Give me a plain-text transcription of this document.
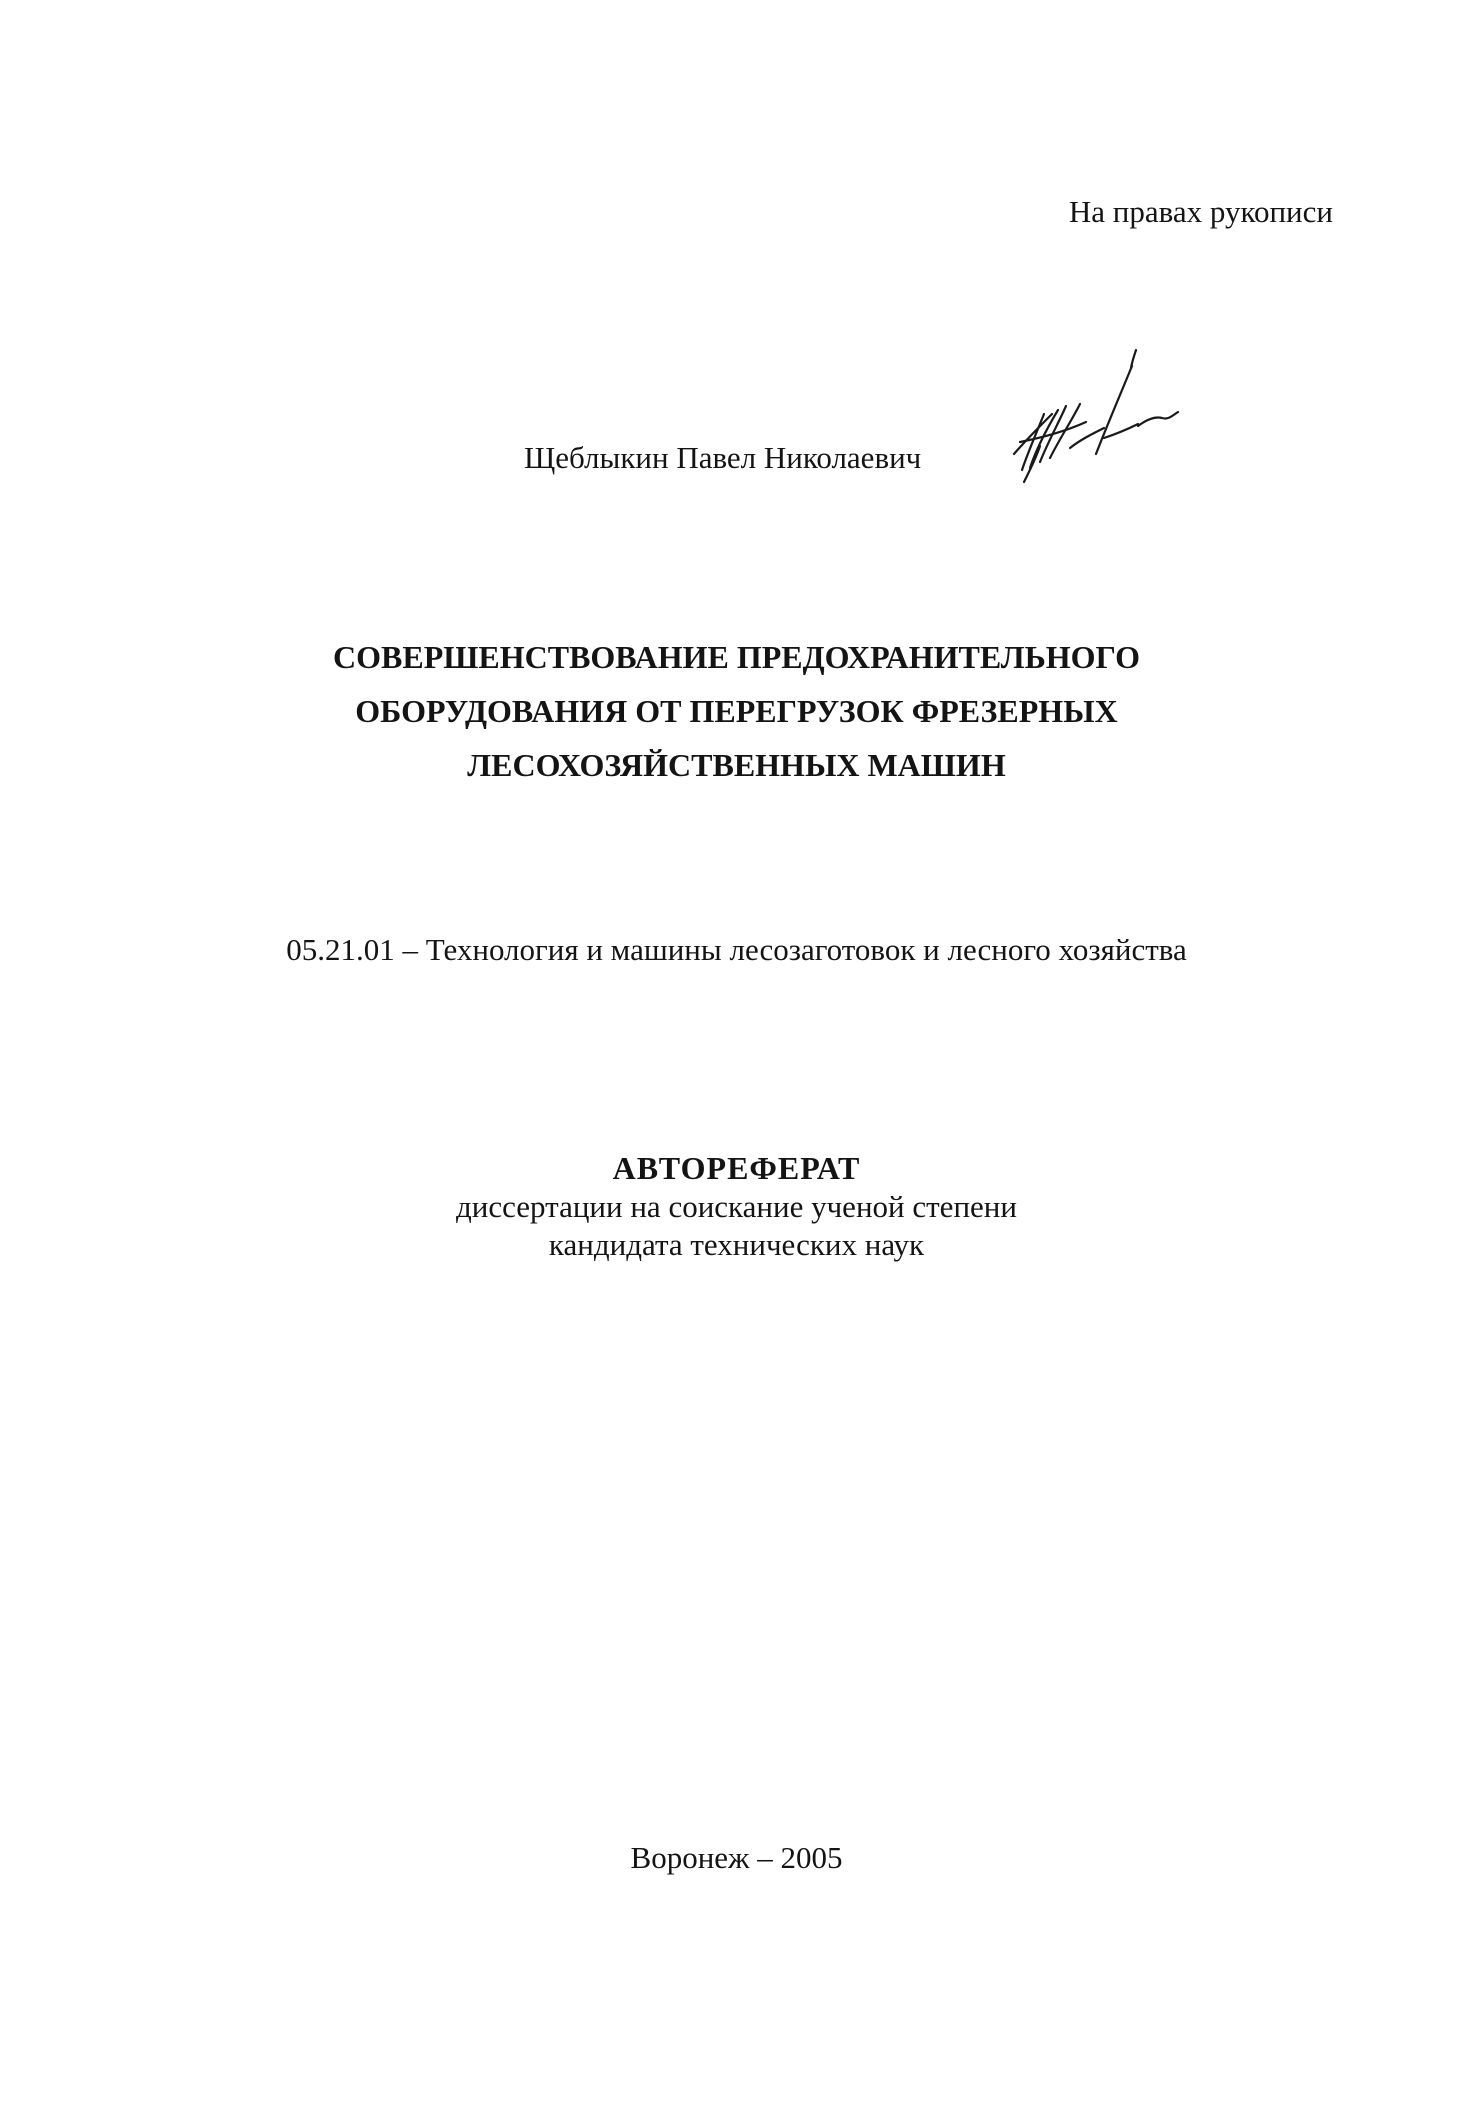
На правах рукописи
Щеблыкин Павел Николаевич
СОВЕРШЕНСТВОВАНИЕ ПРЕДОХРАНИТЕЛЬНОГО
ОБОРУДОВАНИЯ ОТ ПЕРЕГРУЗОК ФРЕЗЕРНЫХ
ЛЕСОХОЗЯЙСТВЕННЫХ МАШИН
05.21.01 – Технология и машины лесозаготовок и лесного хозяйства
АВТОРЕФЕРАТ
диссертации на соискание ученой степени
кандидата технических наук
Воронеж – 2005
